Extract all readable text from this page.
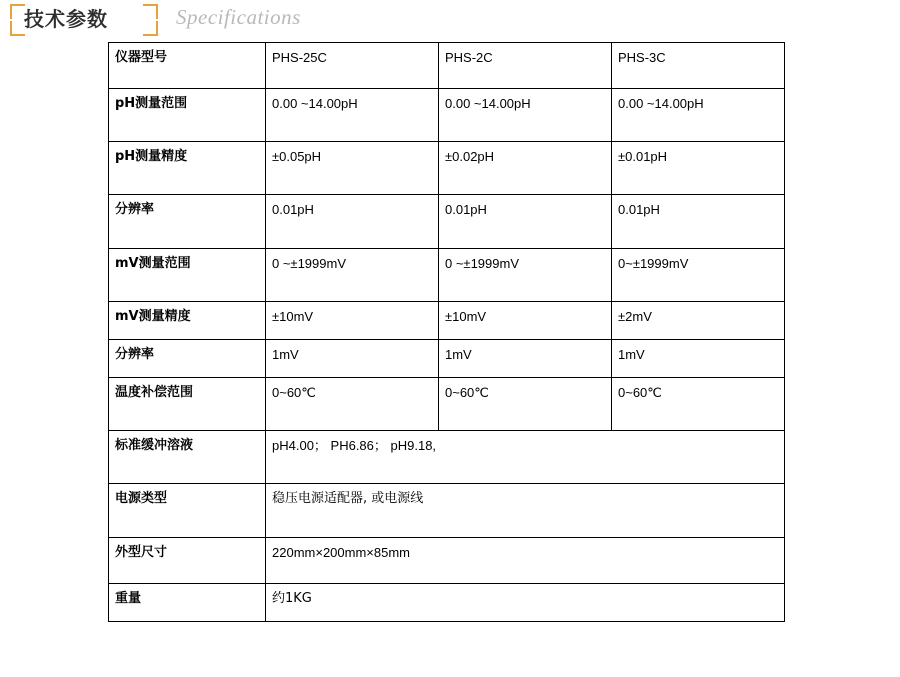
技术参数	Specifications
仪器型号	PHS-25C	PHS-2C	PHS-3C
pH测量范围	0.00 ~14.00pH	0.00 ~14.00pH	0.00 ~14.00pH
pH测量精度	±0.05pH	±0.02pH	±0.01pH
分辨率	0.01pH	0.01pH	0.01pH
mV测量范围	0 ~±1999mV	0 ~±1999mV	0~±1999mV
mV测量精度	±10mV	±10mV	±2mV
分辨率	1mV	1mV	1mV
温度补偿范围	0~60℃	0~60℃	0~60℃
标准缓冲溶液	pH4.00； PH6.86； pH9.18,		
电源类型	稳压电源适配器, 或电源线		
外型尺寸	220mm×200mm×85mm		
重量	约1KG		
